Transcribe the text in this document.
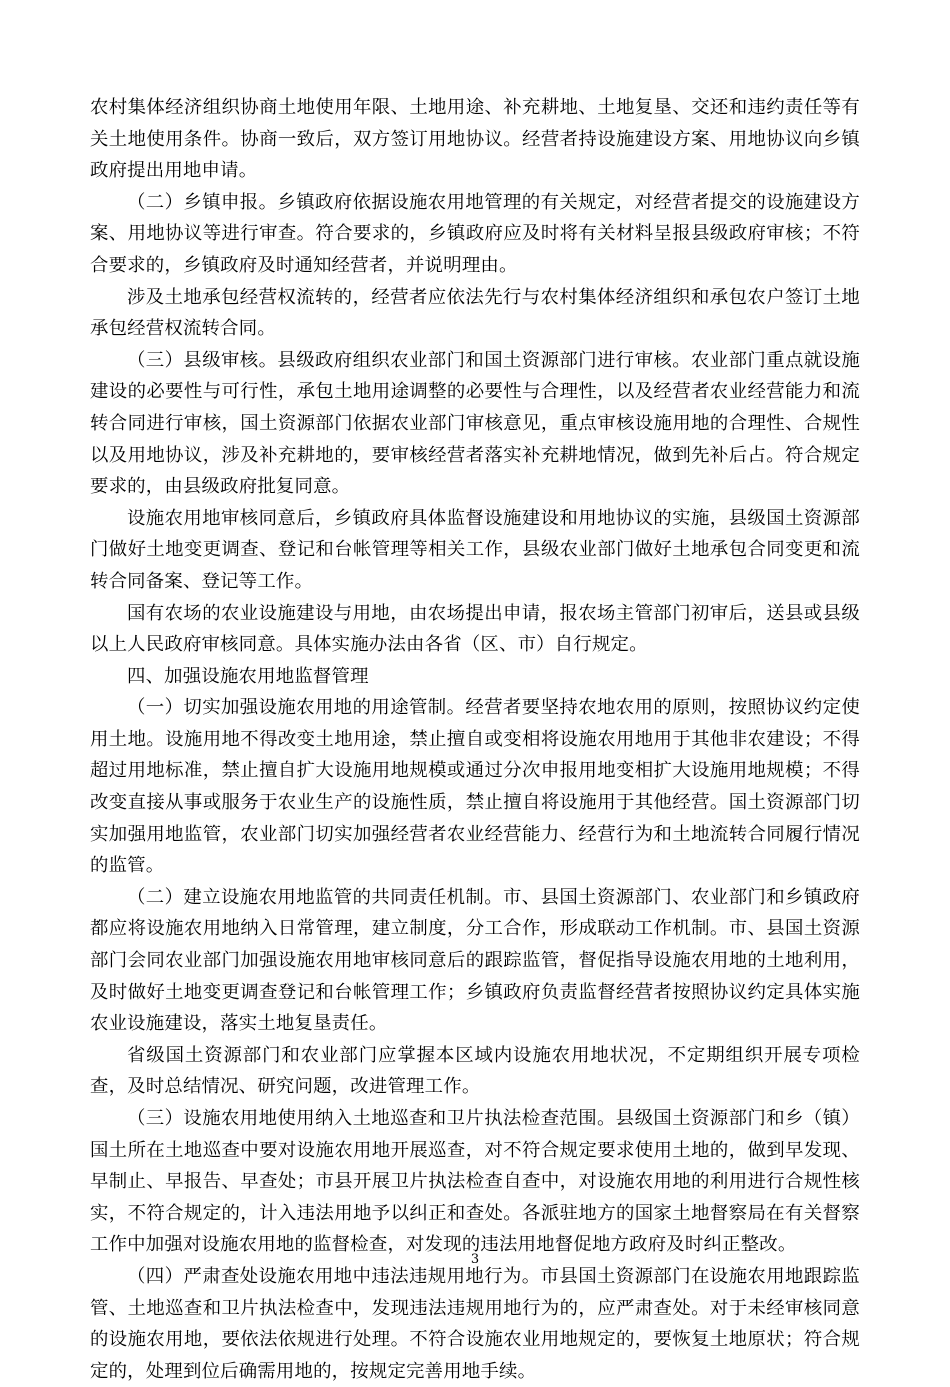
农村集体经济组织协商土地使用年限、土地用途、补充耕地、土地复垦、交还和违约责任等有关土地使用条件。协商一致后，双方签订用地协议。经营者持设施建设方案、用地协议向乡镇政府提出用地申请。

（二）乡镇申报。乡镇政府依据设施农用地管理的有关规定，对经营者提交的设施建设方案、用地协议等进行审查。符合要求的，乡镇政府应及时将有关材料呈报县级政府审核；不符合要求的，乡镇政府及时通知经营者，并说明理由。

涉及土地承包经营权流转的，经营者应依法先行与农村集体经济组织和承包农户签订土地承包经营权流转合同。

（三）县级审核。县级政府组织农业部门和国土资源部门进行审核。农业部门重点就设施建设的必要性与可行性，承包土地用途调整的必要性与合理性，以及经营者农业经营能力和流转合同进行审核，国土资源部门依据农业部门审核意见，重点审核设施用地的合理性、合规性以及用地协议，涉及补充耕地的，要审核经营者落实补充耕地情况，做到先补后占。符合规定要求的，由县级政府批复同意。

设施农用地审核同意后，乡镇政府具体监督设施建设和用地协议的实施，县级国土资源部门做好土地变更调查、登记和台帐管理等相关工作，县级农业部门做好土地承包合同变更和流转合同备案、登记等工作。

国有农场的农业设施建设与用地，由农场提出申请，报农场主管部门初审后，送县或县级以上人民政府审核同意。具体实施办法由各省（区、市）自行规定。

四、加强设施农用地监督管理

（一）切实加强设施农用地的用途管制。经营者要坚持农地农用的原则，按照协议约定使用土地。设施用地不得改变土地用途，禁止擅自或变相将设施农用地用于其他非农建设；不得超过用地标准，禁止擅自扩大设施用地规模或通过分次申报用地变相扩大设施用地规模；不得改变直接从事或服务于农业生产的设施性质，禁止擅自将设施用于其他经营。国土资源部门切实加强用地监管，农业部门切实加强经营者农业经营能力、经营行为和土地流转合同履行情况的监管。

（二）建立设施农用地监管的共同责任机制。市、县国土资源部门、农业部门和乡镇政府都应将设施农用地纳入日常管理，建立制度，分工合作，形成联动工作机制。市、县国土资源部门会同农业部门加强设施农用地审核同意后的跟踪监管，督促指导设施农用地的土地利用，及时做好土地变更调查登记和台帐管理工作；乡镇政府负责监督经营者按照协议约定具体实施农业设施建设，落实土地复垦责任。

省级国土资源部门和农业部门应掌握本区域内设施农用地状况，不定期组织开展专项检查，及时总结情况、研究问题，改进管理工作。

（三）设施农用地使用纳入土地巡查和卫片执法检查范围。县级国土资源部门和乡（镇）国土所在土地巡查中要对设施农用地开展巡查，对不符合规定要求使用土地的，做到早发现、早制止、早报告、早查处；市县开展卫片执法检查自查中，对设施农用地的利用进行合规性核实，不符合规定的，计入违法用地予以纠正和查处。各派驻地方的国家土地督察局在有关督察工作中加强对设施农用地的监督检查，对发现的违法用地督促地方政府及时纠正整改。

（四）严肃查处设施农用地中违法违规用地行为。市县国土资源部门在设施农用地跟踪监管、土地巡查和卫片执法检查中，发现违法违规用地行为的，应严肃查处。对于未经审核同意的设施农用地，要依法依规进行处理。不符合设施农业用地规定的，要恢复土地原状；符合规定的，处理到位后确需用地的，按规定完善用地手续。

3
